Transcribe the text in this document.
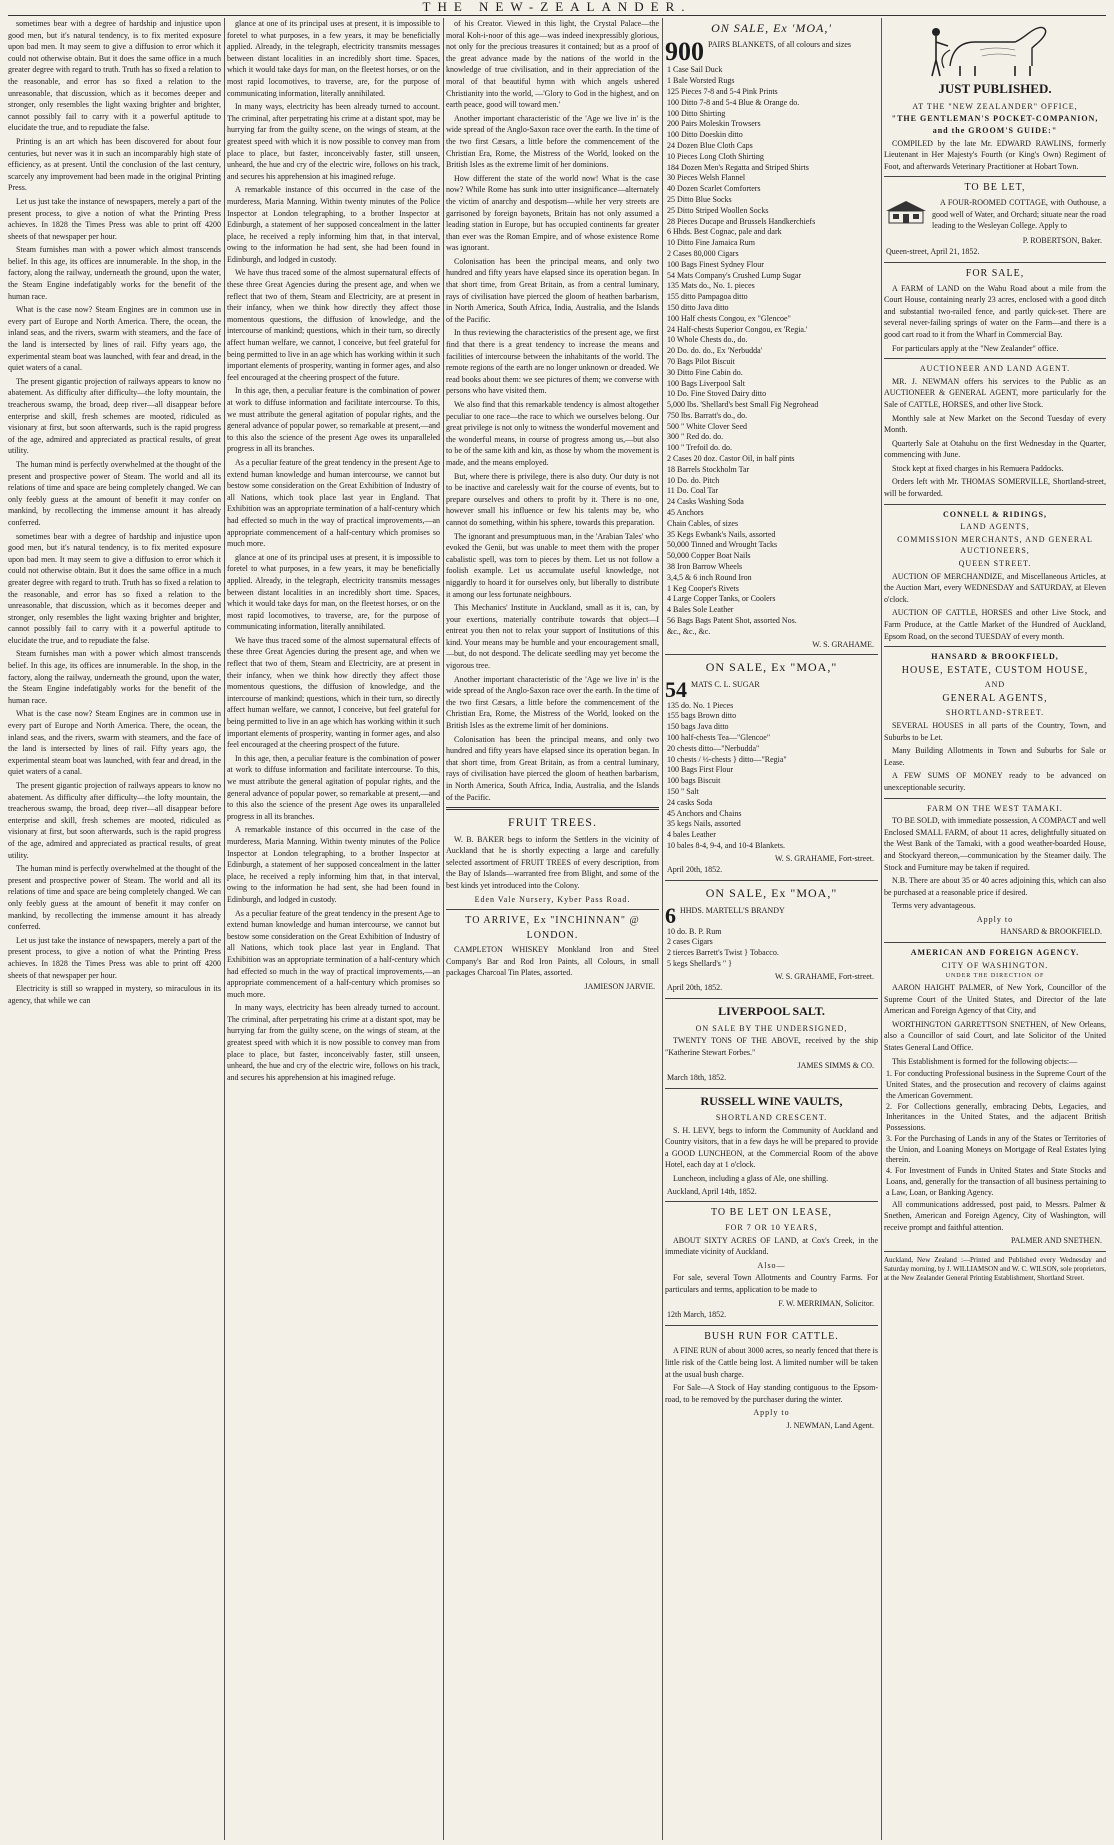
THE NEW-ZEALANDER.

sometimes bear with a degree of hardship and injustice upon good men, but it's natural tendency, is to fix merited exposure upon bad men. It may seem to give a diffusion to error which it could not otherwise obtain. But it does the same office in a much greater degree with regard to truth. Truth has so fixed a relation to the reasonable, and error has so fixed a relation to the unreasonable, that discussion, which as it becomes deeper and stronger, only resembles the light waxing brighter and brighter, cannot possibly fail to carry with it a powerful aptitude to elucidate the true, and to repudiate the false.

Printing is an art which has been discovered for about four centuries, but never was it in such an incomparably high state of efficiency, as at present. Until the conclusion of the last century, scarcely any improvement had been made in the original Printing Press.

Let us just take the instance of newspapers, merely a part of the present process, to give a notion of what the Printing Press achieves. In 1828 the Times Press was able to print off 4200 sheets of that newspaper per hour.

Steam furnishes man with a power which almost transcends belief. In this age, its offices are innumerable. In the shop, in the factory, along the railway, underneath the ground, upon the water, the Steam Engine indefatigably works for the benefit of the human race.

What is the case now? Steam Engines are in common use in every part of Europe and North America. There, the ocean, the inland seas, and the rivers, swarm with steamers, and the face of the land is intersected by lines of rail. Fifty years ago, the experimental steam boat was launched, with fear and dread, in the quiet waters of a canal.

The present gigantic projection of railways appears to know no abatement. As difficulty after difficulty—the lofty mountain, the treacherous swamp, the broad, deep river—all disappear before enterprise and skill, fresh schemes are mooted, ridiculed as visionary at first, but soon afterwards, such is the rapid progress of the age, admired and appreciated as practical results, of great utility.

The human mind is perfectly overwhelmed at the thought of the present and prospective power of Steam. The world and all its relations of time and space are being completely changed. We can only feebly guess at the amount of benefit it may confer on mankind, by recollecting the immense amount it has already conferred.

sometimes bear with a degree of hardship and injustice upon good men, but it's natural tendency, is to fix merited exposure upon bad men. It may seem to give a diffusion to error which it could not otherwise obtain. But it does the same office in a much greater degree with regard to truth. Truth has so fixed a relation to the reasonable, and error has so fixed a relation to the unreasonable, that discussion, which as it becomes deeper and stronger, only resembles the light waxing brighter and brighter, cannot possibly fail to carry with it a powerful aptitude to elucidate the true, and to repudiate the false.

Steam furnishes man with a power which almost transcends belief. In this age, its offices are innumerable. In the shop, in the factory, along the railway, underneath the ground, upon the water, the Steam Engine indefatigably works for the benefit of the human race.

What is the case now? Steam Engines are in common use in every part of Europe and North America. There, the ocean, the inland seas, and the rivers, swarm with steamers, and the face of the land is intersected by lines of rail. Fifty years ago, the experimental steam boat was launched, with fear and dread, in the quiet waters of a canal.

The present gigantic projection of railways appears to know no abatement. As difficulty after difficulty—the lofty mountain, the treacherous swamp, the broad, deep river—all disappear before enterprise and skill, fresh schemes are mooted, ridiculed as visionary at first, but soon afterwards, such is the rapid progress of the age, admired and appreciated as practical results, of great utility.

The human mind is perfectly overwhelmed at the thought of the present and prospective power of Steam. The world and all its relations of time and space are being completely changed. We can only feebly guess at the amount of benefit it may confer on mankind, by recollecting the immense amount it has already conferred.

Let us just take the instance of newspapers, merely a part of the present process, to give a notion of what the Printing Press achieves. In 1828 the Times Press was able to print off 4200 sheets of that newspaper per hour.

Electricity is still so wrapped in mystery, so miraculous in its agency, that while we can

glance at one of its principal uses at present, it is impossible to foretel to what purposes, in a few years, it may be beneficially applied. Already, in the telegraph, electricity transmits messages between distant localities in an incredibly short time. Spaces, which it would take days for man, on the fleetest horses, or on the most rapid locomotives, to traverse, are, for the purpose of communicating information, literally annihilated.

In many ways, electricity has been already turned to account. The criminal, after perpetrating his crime at a distant spot, may be hurrying far from the guilty scene, on the wings of steam, at the greatest speed with which it is now possible to convey man from place to place, but faster, inconceivably faster, still unseen, unheard, the hue and cry of the electric wire, follows on his track, and secures his apprehension at his imagined refuge.

A remarkable instance of this occurred in the case of the murderess, Maria Manning. Within twenty minutes of the Police Inspector at London telegraphing, to a brother Inspector at Edinburgh, a statement of her supposed concealment in the latter place, he received a reply informing him that, in that interval, owing to the information he had sent, she had been found in Edinburgh, and lodged in custody.

We have thus traced some of the almost supernatural effects of these three Great Agencies during the present age, and when we reflect that two of them, Steam and Electricity, are at present in their infancy, when we think how directly they affect those momentous questions, the diffusion of knowledge, and the intercourse of mankind; questions, which in their turn, so directly affect human welfare, we cannot, I conceive, but feel grateful for being permitted to live in an age which has working within it such important elements of prosperity, wanting in former ages, and also feel encouraged at the cheering prospect of the future.

In this age, then, a peculiar feature is the combination of power at work to diffuse information and facilitate intercourse. To this, we must attribute the general agitation of popular rights, and the general advance of popular power, so remarkable at present,—and to this also the science of the present Age owes its unparalleled progress in all its branches.

As a peculiar feature of the great tendency in the present Age to extend human knowledge and human intercourse, we cannot but bestow some consideration on the Great Exhibition of Industry of all Nations, which took place last year in England. That Exhibition was an appropriate termination of a half-century which had effected so much in the way of practical improvements,—an appropriate commencement of a half-century which promises so much more.

glance at one of its principal uses at present, it is impossible to foretel to what purposes, in a few years, it may be beneficially applied. Already, in the telegraph, electricity transmits messages between distant localities in an incredibly short time. Spaces, which it would take days for man, on the fleetest horses, or on the most rapid locomotives, to traverse, are, for the purpose of communicating information, literally annihilated.

We have thus traced some of the almost supernatural effects of these three Great Agencies during the present age, and when we reflect that two of them, Steam and Electricity, are at present in their infancy, when we think how directly they affect those momentous questions, the diffusion of knowledge, and the intercourse of mankind; questions, which in their turn, so directly affect human welfare, we cannot, I conceive, but feel grateful for being permitted to live in an age which has working within it such important elements of prosperity, wanting in former ages, and also feel encouraged at the cheering prospect of the future.

In this age, then, a peculiar feature is the combination of power at work to diffuse information and facilitate intercourse. To this, we must attribute the general agitation of popular rights, and the general advance of popular power, so remarkable at present,—and to this also the science of the present Age owes its unparalleled progress in all its branches.

A remarkable instance of this occurred in the case of the murderess, Maria Manning. Within twenty minutes of the Police Inspector at London telegraphing, to a brother Inspector at Edinburgh, a statement of her supposed concealment in the latter place, he received a reply informing him that, in that interval, owing to the information he had sent, she had been found in Edinburgh, and lodged in custody.

As a peculiar feature of the great tendency in the present Age to extend human knowledge and human intercourse, we cannot but bestow some consideration on the Great Exhibition of Industry of all Nations, which took place last year in England. That Exhibition was an appropriate termination of a half-century which had effected so much in the way of practical improvements,—an appropriate commencement of a half-century which promises so much more.

In many ways, electricity has been already turned to account. The criminal, after perpetrating his crime at a distant spot, may be hurrying far from the guilty scene, on the wings of steam, at the greatest speed with which it is now possible to convey man from place to place, but faster, inconceivably faster, still unseen, unheard, the hue and cry of the electric wire, follows on his track, and secures his apprehension at his imagined refuge.

of his Creator. Viewed in this light, the Crystal Palace—the moral Koh-i-noor of this age—was indeed inexpressibly glorious, not only for the precious treasures it contained; but as a proof of the great advance made by the nations of the world in the knowledge of true civilisation, and in their appreciation of the moral of that beautiful hymn with which angels ushered Christianity into the world, —'Glory to God in the highest, and on earth peace, good will toward men.'

Another important characteristic of the 'Age we live in' is the wide spread of the Anglo-Saxon race over the earth. In the time of the two first Cæsars, a little before the commencement of the Christian Era, Rome, the Mistress of the World, looked on the British Isles as the extreme limit of her dominions.

How different the state of the world now! What is the case now? While Rome has sunk into utter insignificance—alternately the victim of anarchy and despotism—while her very streets are garrisoned by foreign bayonets, Britain has not only assumed a leading station in Europe, but has occupied continents far greater than ever was the Roman Empire, and of whose existence Rome was ignorant.

Colonisation has been the principal means, and only two hundred and fifty years have elapsed since its operation began. In that short time, from Great Britain, as from a central luminary, rays of civilisation have pierced the gloom of heathen barbarism, in North America, South Africa, India, Australia, and the Islands of the Pacific.

In thus reviewing the characteristics of the present age, we first find that there is a great tendency to increase the means and facilities of intercourse between the inhabitants of the world. The remote regions of the earth are no longer unknown or dreaded. We read books about them: we see pictures of them; we converse with persons who have visited them.

We also find that this remarkable tendency is almost altogether peculiar to one race—the race to which we ourselves belong. Our great privilege is not only to witness the wonderful movement and the wonderful means, in course of progress among us,—but also to be of the same kith and kin, as those by whom the movement is made, and the means employed.

But, where there is privilege, there is also duty. Our duty is not to be inactive and carelessly wait for the course of events, but to prepare ourselves and others to profit by it. There is no one, however small his influence or few his talents may be, who cannot do something, within his sphere, towards this preparation.

The ignorant and presumptuous man, in the 'Arabian Tales' who evoked the Genii, but was unable to meet them with the proper cabalistic spell, was torn to pieces by them. Let us not follow a foolish example. Let us accumulate useful knowledge, not niggardly to hoard it for ourselves only, but liberally to distribute it among our less fortunate neighbours.

This Mechanics' Institute in Auckland, small as it is, can, by your exertions, materially contribute towards that object—I entreat you then not to relax your support of Institutions of this kind. Your means may be humble and your encouragement small,—but, do not despond. The delicate seedling may yet become the vigorous tree.

Another important characteristic of the 'Age we live in' is the wide spread of the Anglo-Saxon race over the earth. In the time of the two first Cæsars, a little before the commencement of the Christian Era, Rome, the Mistress of the World, looked on the British Isles as the extreme limit of her dominions.

Colonisation has been the principal means, and only two hundred and fifty years have elapsed since its operation began. In that short time, from Great Britain, as from a central luminary, rays of civilisation have pierced the gloom of heathen barbarism, in North America, South Africa, India, Australia, and the Islands of the Pacific.

FRUIT TREES.

W. B. BAKER begs to inform the Settlers in the vicinity of Auckland that he is shortly expecting a large and carefully selected assortment of FRUIT TREES of every description, from the Bay of Islands—warranted free from Blight, and some of the best kinds yet introduced into the Colony.

Eden Vale Nursery, Kyber Pass Road.
TO ARRIVE, Ex "INCHINNAN" @ LONDON.

CAMPLETON WHISKEY Monkland Iron and Steel Company's Bar and Rod Iron Paints, all Colours, in small packages Charcoal Tin Plates, assorted.

JAMIESON JARVIE.
ON SALE, Ex 'MOA,'
900 PAIRS BLANKETS, of all colours and sizes
1 Case Sail Duck
1 Bale Worsted Rugs
125 Pieces 7-8 and 5-4 Pink Prints
100 Ditto 7-8 and 5-4 Blue & Orange do.
100 Ditto Shirting
200 Pairs Moleskin Trowsers
100 Ditto Doeskin ditto
24 Dozen Blue Cloth Caps
10 Pieces Long Cloth Shirting
184 Dozen Men's Regatta and Striped Shirts
30 Pieces Welsh Flannel
40 Dozen Scarlet Comforters
25 Ditto Blue Socks
25 Ditto Striped Woollen Socks
28 Pieces Ducape and Brussels Handkerchiefs
6 Hhds. Best Cognac, pale and dark
10 Ditto Fine Jamaica Rum
2 Cases 80,000 Cigars
100 Bags Finest Sydney Flour
54 Mats Company's Crushed Lump Sugar
135 Mats do., No. 1. pieces
155 ditto Pampagoa ditto
150 ditto Java ditto
100 Half chests Congou, ex "Glencoe"
24 Half-chests Superior Congou, ex 'Regia.'
10 Whole Chests do., do.
20 Do. do. do., Ex 'Nerbudda'
70 Bags Pilot Biscuit
30 Ditto Fine Cabin do.
100 Bags Liverpool Salt
10 Do. Fine Stoved Dairy ditto
5,000 lbs. 'Shellard's best Small Fig Negrohead
750 lbs. Barratt's do., do.
500 " White Clover Seed
300 " Red do. do.
100 " Trefoil do. do.
2 Cases 20 doz. Castor Oil, in half pints
18 Barrels Stockholm Tar
10 Do. do. Pitch
11 Do. Coal Tar
24 Casks Washing Soda
45 Anchors
Chain Cables, of sizes
35 Kegs Ewbank's Nails, assorted
50,000 Tinned and Wrought Tacks
50,000 Copper Boat Nails
38 Iron Barrow Wheels
3,4,5 & 6 inch Round Iron
1 Keg Cooper's Rivets
4 Large Copper Tanks, or Coolers
4 Bales Sole Leather
56 Bags Bags Patent Shot, assorted Nos.
&c., &c., &c.
W. S. GRAHAME.
ON SALE, Ex "MOA,"
54 MATS C. L. SUGAR
135 do. No. 1 Pieces
155 bags Brown ditto
150 bags Java ditto
100 half-chests Tea—"Glencoe"
20 chests ditto—"Nerbudda"
10 chests / ½-chests } ditto—"Regia"
100 Bags First Flour
100 bags Biscuit
150 " Salt
24 casks Soda
45 Anchors and Chains
35 kegs Nails, assorted
4 bales Leather
10 bales 8-4, 9-4, and 10-4 Blankets.
W. S. GRAHAME, Fort-street.
April 20th, 1852.
ON SALE, Ex "MOA,"
6 HHDS. MARTELL'S BRANDY
10 do. B. P. Rum
2 cases Cigars
2 tierces Barrett's Twist } Tobacco.
5 kegs Shellard's " }
W. S. GRAHAME, Fort-street.
April 20th, 1852.
LIVERPOOL SALT.
ON SALE BY THE UNDERSIGNED,

TWENTY TONS OF THE ABOVE, received by the ship "Katherine Stewart Forbes."

JAMES SIMMS & CO.
March 18th, 1852.
RUSSELL WINE VAULTS,
SHORTLAND CRESCENT.

S. H. LEVY, begs to inform the Community of Auckland and Country visitors, that in a few days he will be prepared to provide a GOOD LUNCHEON, at the Commercial Room of the above Hotel, each day at 1 o'clock.

Luncheon, including a glass of Ale, one shilling.

Auckland, April 14th, 1852.
TO BE LET ON LEASE,
FOR 7 OR 10 YEARS,

ABOUT SIXTY ACRES OF LAND, at Cox's Creek, in the immediate vicinity of Auckland.

Also—

For sale, several Town Allotments and Country Farms. For particulars and terms, application to be made to

F. W. MERRIMAN, Solicitor.
12th March, 1852.
BUSH RUN FOR CATTLE.

A FINE RUN of about 3000 acres, so nearly fenced that there is little risk of the Cattle being lost. A limited number will be taken at the usual bush charge.

For Sale—A Stock of Hay standing contiguous to the Epsom-road, to be removed by the purchaser during the winter.

Apply to
J. NEWMAN, Land Agent.
JUST PUBLISHED.
AT THE "NEW ZEALANDER" OFFICE,
"THE GENTLEMAN'S POCKET-COMPANION, and the GROOM'S GUIDE:"

COMPILED by the late Mr. EDWARD RAWLINS, formerly Lieutenant in Her Majesty's Fourth (or King's Own) Regiment of Foot, and afterwards Veterinary Practitioner at Hobart Town.

TO BE LET,

A FOUR-ROOMED COTTAGE, with Outhouse, a good well of Water, and Orchard; situate near the road leading to the Wesleyan College. Apply to

P. ROBERTSON, Baker.
Queen-street, April 21, 1852.
FOR SALE,

A FARM of LAND on the Wahu Road about a mile from the Court House, containing nearly 23 acres, enclosed with a good ditch and substantial two-railed fence, and partly quick-set. There are several never-failing springs of water on the Farm—and there is a good cart road to it from the Wharf in Commercial Bay.

For particulars apply at the "New Zealander" office.

AUCTIONEER AND LAND AGENT.

MR. J. NEWMAN offers his services to the Public as an AUCTIONEER & GENERAL AGENT, more particularly for the Sale of CATTLE, HORSES, and other live Stock.

Monthly sale at New Market on the Second Tuesday of every Month.

Quarterly Sale at Otahuhu on the first Wednesday in the Quarter, commencing with June.

Stock kept at fixed charges in his Remuera Paddocks.

Orders left with Mr. THOMAS SOMERVILLE, Shortland-street, will be forwarded.

CONNELL & RIDINGS,
LAND AGENTS,
COMMISSION MERCHANTS, AND GENERAL AUCTIONEERS,
QUEEN STREET.

AUCTION OF MERCHANDIZE, and Miscellaneous Articles, at the Auction Mart, every WEDNESDAY and SATURDAY, at Eleven o'clock.

AUCTION OF CATTLE, HORSES and other Live Stock, and Farm Produce, at the Cattle Market of the Hundred of Auckland, Epsom Road, on the second TUESDAY of every month.

HANSARD & BROOKFIELD,
HOUSE, ESTATE, CUSTOM HOUSE,
AND
GENERAL AGENTS,
SHORTLAND-STREET.

SEVERAL HOUSES in all parts of the Country, Town, and Suburbs to be Let.

Many Building Allotments in Town and Suburbs for Sale or Lease.

A FEW SUMS OF MONEY ready to be advanced on unexceptionable security.

FARM ON THE WEST TAMAKI.

TO BE SOLD, with immediate possession, A COMPACT and well Enclosed SMALL FARM, of about 11 acres, delightfully situated on the West Bank of the Tamaki, with a good weather-boarded House, and Stockyard thereon,—communication by the Steamer daily. The Stock and Furniture may be taken if required.

N.B. There are about 35 or 40 acres adjoining this, which can also be purchased at a reasonable price if desired.

Terms very advantageous.

Apply to
HANSARD & BROOKFIELD.
AMERICAN AND FOREIGN AGENCY.
CITY OF WASHINGTON.
UNDER THE DIRECTION OF

AARON HAIGHT PALMER, of New York, Councillor of the Supreme Court of the United States, and Director of the late American and Foreign Agency of that City, and

WORTHINGTON GARRETTSON SNETHEN, of New Orleans, also a Councillor of said Court, and late Solicitor of the United States General Land Office.

This Establishment is formed for the following objects:—

1. For conducting Professional business in the Supreme Court of the United States, and the prosecution and recovery of claims against the American Government.
2. For Collections generally, embracing Debts, Legacies, and Inheritances in the United States, and the adjacent British Possessions.
3. For the Purchasing of Lands in any of the States or Territories of the Union, and Loaning Moneys on Mortgage of Real Estates lying therein.
4. For Investment of Funds in United States and State Stocks and Loans, and, generally for the transaction of all business pertaining to a Law, Loan, or Banking Agency.

All communications addressed, post paid, to Messrs. Palmer & Snethen, American and Foreign Agency, City of Washington, will receive prompt and faithful attention.

PALMER AND SNETHEN.
Auckland, New Zealand :—Printed and Published every Wednesday and Saturday morning, by J. WILLIAMSON and W. C. WILSON, sole proprietors, at the New Zealander General Printing Establishment, Shortland Street.
